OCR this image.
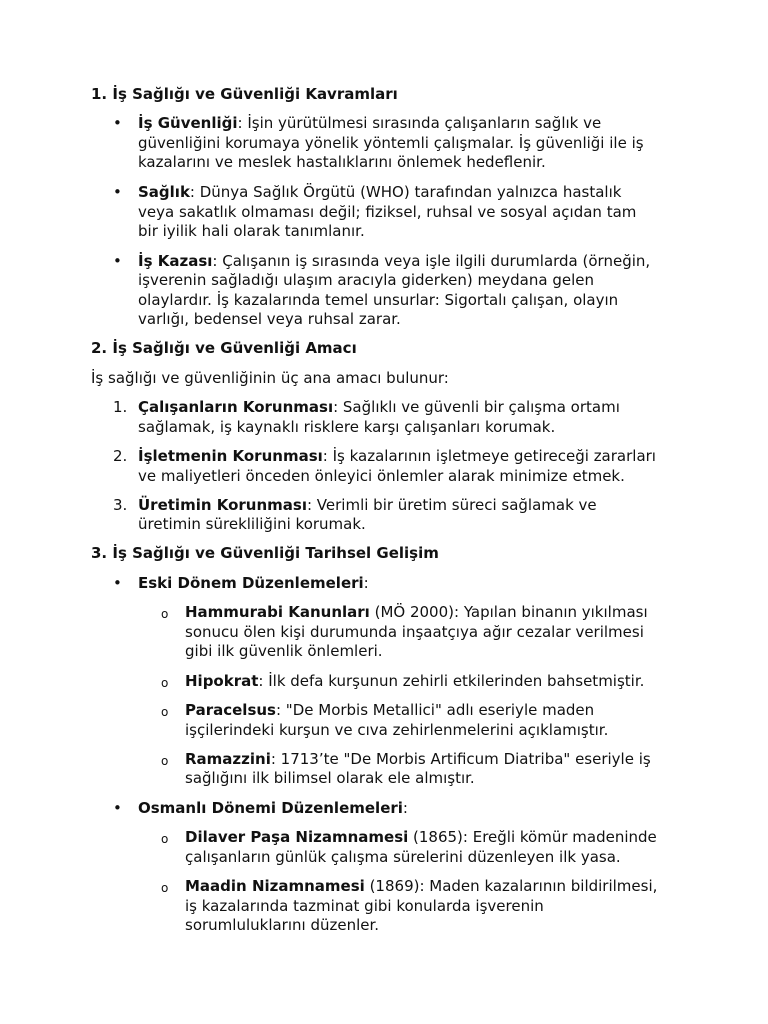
1. İş Sağlığı ve Güvenliği Kavramları
• İş Güvenliği: İşin yürütülmesi sırasında çalışanların sağlık ve
güvenliğini korumaya yönelik yöntemli çalışmalar. İş güvenliği ile iş
kazalarını ve meslek hastalıklarını önlemek hedeflenir.
• Sağlık: Dünya Sağlık Örgütü (WHO) tarafından yalnızca hastalık
veya sakatlık olmaması değil; fiziksel, ruhsal ve sosyal açıdan tam
bir iyilik hali olarak tanımlanır.
• İş Kazası: Çalışanın iş sırasında veya işle ilgili durumlarda (örneğin,
işverenin sağladığı ulaşım aracıyla giderken) meydana gelen
olaylardır. İş kazalarında temel unsurlar: Sigortalı çalışan, olayın
varlığı, bedensel veya ruhsal zarar.
2. İş Sağlığı ve Güvenliği Amacı
İş sağlığı ve güvenliğinin üç ana amacı bulunur:
1. Çalışanların Korunması: Sağlıklı ve güvenli bir çalışma ortamı
sağlamak, iş kaynaklı risklere karşı çalışanları korumak.
2. İşletmenin Korunması: İş kazalarının işletmeye getireceği zararları
ve maliyetleri önceden önleyici önlemler alarak minimize etmek.
3. Üretimin Korunması: Verimli bir üretim süreci sağlamak ve
üretimin sürekliliğini korumak.
3. İş Sağlığı ve Güvenliği Tarihsel Gelişim
• Eski Dönem Düzenlemeleri:
o Hammurabi Kanunları (MÖ 2000): Yapılan binanın yıkılması
sonucu ölen kişi durumunda inşaatçıya ağır cezalar verilmesi
gibi ilk güvenlik önlemleri.
o Hipokrat: İlk defa kurşunun zehirli etkilerinden bahsetmiştir.
o Paracelsus: "De Morbis Metallici" adlı eseriyle maden
işçilerindeki kurşun ve cıva zehirlenmelerini açıklamıştır.
o Ramazzini: 1713’te "De Morbis Artificum Diatriba" eseriyle iş
sağlığını ilk bilimsel olarak ele almıştır.
• Osmanlı Dönemi Düzenlemeleri:
o Dilaver Paşa Nizamnamesi (1865): Ereğli kömür madeninde
çalışanların günlük çalışma sürelerini düzenleyen ilk yasa.
o Maadin Nizamnamesi (1869): Maden kazalarının bildirilmesi,
iş kazalarında tazminat gibi konularda işverenin
sorumluluklarını düzenler.
